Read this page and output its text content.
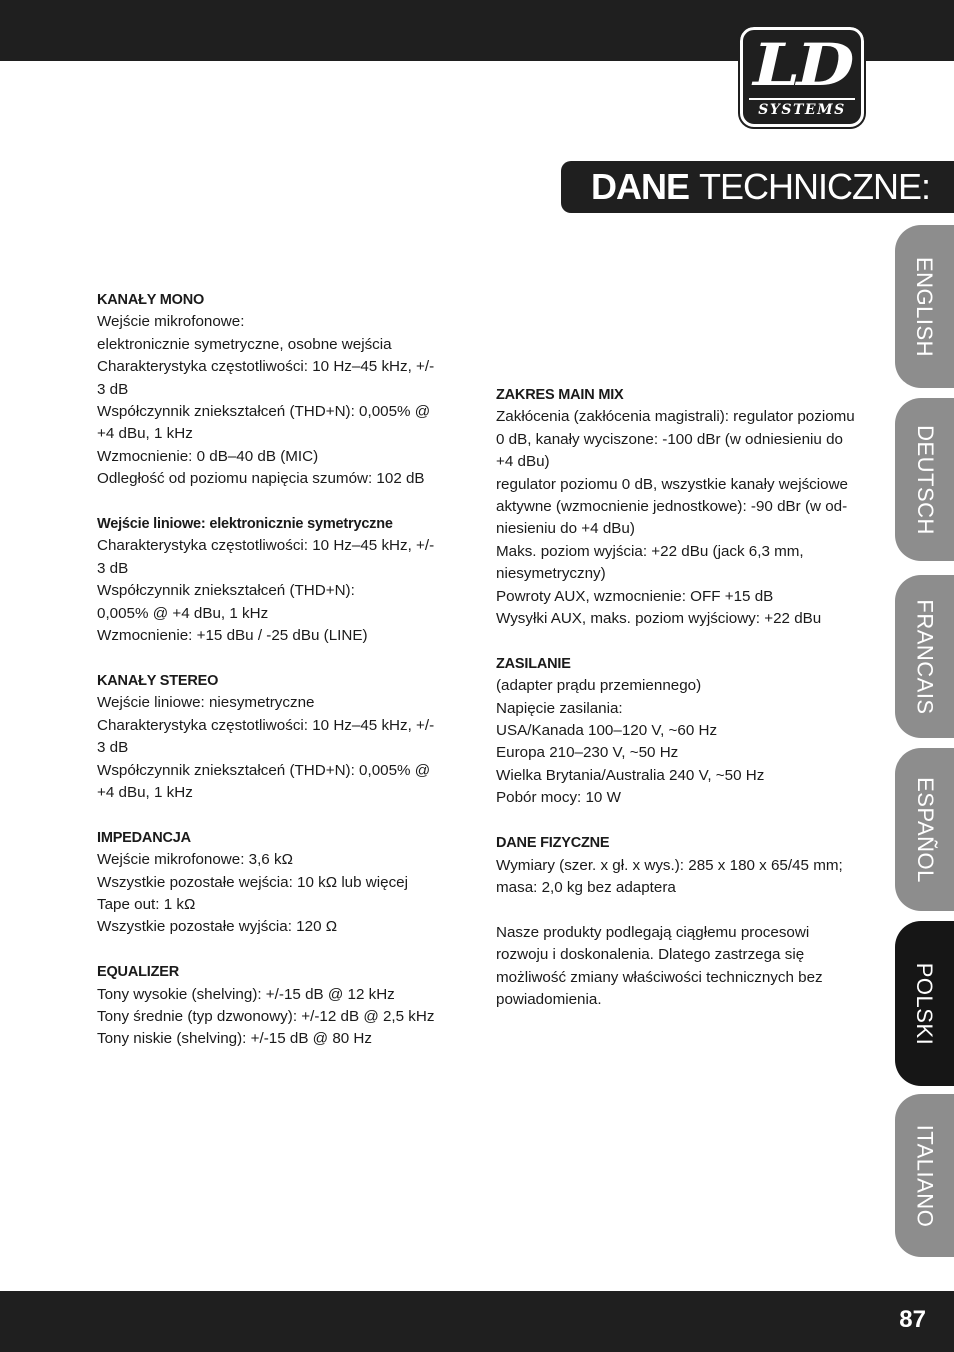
LD
SYSTEMS
DANE TECHNICZNE:
ENGLISH
DEUTSCH
FRANCAIS
ESPAÑOL
POLSKI
ITALIANO
KANAŁY MONO
Wejście mikrofonowe:
elektronicznie symetryczne, osobne wejścia
Charakterystyka częstotliwości: 10 Hz–45 kHz, +/-
3 dB
Współczynnik zniekształceń (THD+N): 0,005% @
+4 dBu, 1 kHz
Wzmocnienie: 0 dB–40 dB (MIC)
Odległość od poziomu napięcia szumów: 102 dB
Wejście liniowe: elektronicznie symetryczne
Charakterystyka częstotliwości: 10 Hz–45 kHz, +/-
3 dB
Współczynnik zniekształceń (THD+N):
0,005% @ +4 dBu, 1 kHz
Wzmocnienie: +15 dBu / -25 dBu (LINE)
KANAŁY STEREO
Wejście liniowe: niesymetryczne
Charakterystyka częstotliwości: 10 Hz–45 kHz, +/-
3 dB
Współczynnik zniekształceń (THD+N): 0,005% @
+4 dBu, 1 kHz
IMPEDANCJA
Wejście mikrofonowe: 3,6 kΩ
Wszystkie pozostałe wejścia: 10 kΩ lub więcej
Tape out: 1 kΩ
Wszystkie pozostałe wyjścia: 120 Ω
EQUALIZER
Tony wysokie (shelving): +/-15 dB @ 12 kHz
Tony średnie (typ dzwonowy): +/-12 dB @ 2,5 kHz
Tony niskie (shelving): +/-15 dB @ 80 Hz
ZAKRES MAIN MIX
Zakłócenia (zakłócenia magistrali): regulator poziomu
0 dB, kanały wyciszone: -100 dBr (w odniesieniu do
+4 dBu)
regulator poziomu 0 dB, wszystkie kanały wejściowe
aktywne (wzmocnienie jednostkowe): -90 dBr (w od-
niesieniu do +4 dBu)
Maks. poziom wyjścia: +22 dBu (jack 6,3 mm,
niesymetryczny)
Powroty AUX, wzmocnienie: OFF +15 dB
Wysyłki AUX, maks. poziom wyjściowy: +22 dBu
ZASILANIE
(adapter prądu przemiennego)
Napięcie zasilania:
USA/Kanada 100–120 V, ~60 Hz
Europa 210–230 V, ~50 Hz
Wielka Brytania/Australia 240 V, ~50 Hz
Pobór mocy: 10 W
DANE FIZYCZNE
Wymiary (szer. x gł. x wys.): 285 x 180 x 65/45 mm;
masa: 2,0 kg bez adaptera
Nasze produkty podlegają ciągłemu procesowi
rozwoju i doskonalenia. Dlatego zastrzega się
możliwość zmiany właściwości technicznych bez
powiadomienia.
87
